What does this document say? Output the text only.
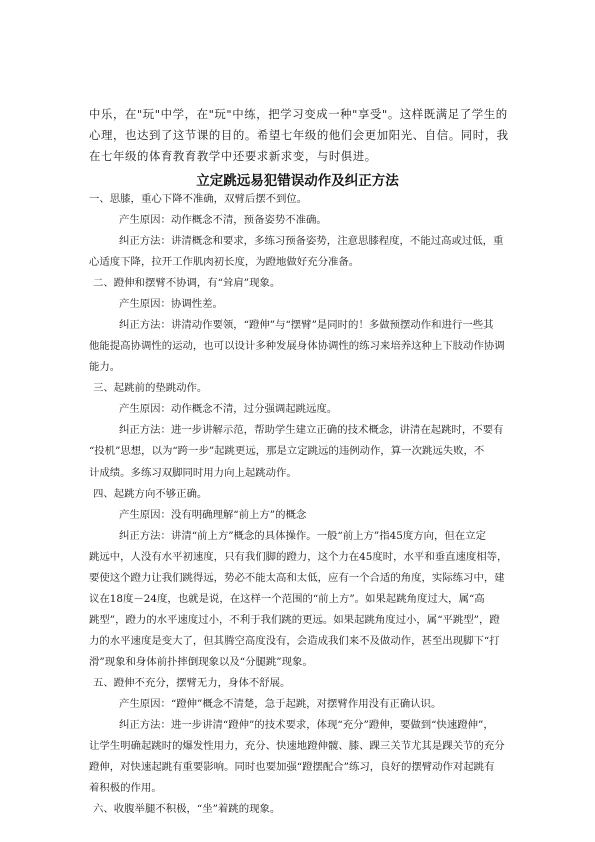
中乐，在"玩"中学，在"玩"中练，把学习变成一种"享受"。这样既满足了学生的
心理，也达到了这节课的目的。希望七年级的他们会更加阳光、自信。同时，我
在七年级的体育教育教学中还要求新求变，与时俱进。
立定跳远易犯错误动作及纠正方法
一、思膝，重心下降不准确，双臂后摆不到位。
产生原因：动作概念不清，预备姿势不准确。
纠正方法：讲清概念和要求，多练习预备姿势，注意思膝程度，不能过高或过低，重
心适度下降，拉开工作肌肉初长度，为蹬地做好充分准备。
二、蹬伸和摆臂不协调，有“耸肩”现象。
产生原因：协调性差。
纠正方法：讲清动作要领，“蹬伸”与“摆臂”是同时的！多做预摆动作和进行一些其
他能提高协调性的运动，也可以设计多种发展身体协调性的练习来培养这种上下肢动作协调
能力。
三、起跳前的垫跳动作。
产生原因：动作概念不清，过分强调起跳远度。
纠正方法：进一步讲解示范，帮助学生建立正确的技术概念，讲清在起跳时，不要有
“投机”思想，以为“跨一步”起跳更远，那是立定跳远的违例动作，算一次跳远失败，不
计成绩。多练习双脚同时用力向上起跳动作。
四、起跳方向不够正确。
产生原因：没有明确理解“前上方”的概念
纠正方法：讲清“前上方”概念的具体操作。一般“前上方”指45度方向，但在立定
跳远中，人没有水平初速度，只有我们脚的蹬力，这个力在45度时，水平和垂直速度相等，
要使这个蹬力让我们跳得远，势必不能太高和太低，应有一个合适的角度，实际练习中，建
议在18度－24度，也就是说，在这样一个范围的“前上方”。如果起跳角度过大，属“高
跳型”，蹬力的水平速度过小，不利于我们跳的更远。如果起跳角度过小，属“平跳型”，蹬
力的水平速度是变大了，但其腾空高度没有，会造成我们来不及做动作，甚至出现脚下“打
滑”现象和身体前扑摔倒现象以及“分腿跳”现象。
五、蹬伸不充分，摆臂无力，身体不舒展。
产生原因：“蹬伸”概念不清楚，急于起跳，对摆臂作用没有正确认识。
纠正方法：进一步讲清“蹬伸”的技术要求，体现“充分”蹬伸，要做到“快速蹬伸”，
让学生明确起跳时的爆发性用力，充分、快速地蹬伸髋、膝、踝三关节尤其是踝关节的充分
蹬伸，对快速起跳有重要影响。同时也要加强“蹬摆配合”练习，良好的摆臂动作对起跳有
着积极的作用。
六、收腹举腿不积极，“坐”着跳的现象。
